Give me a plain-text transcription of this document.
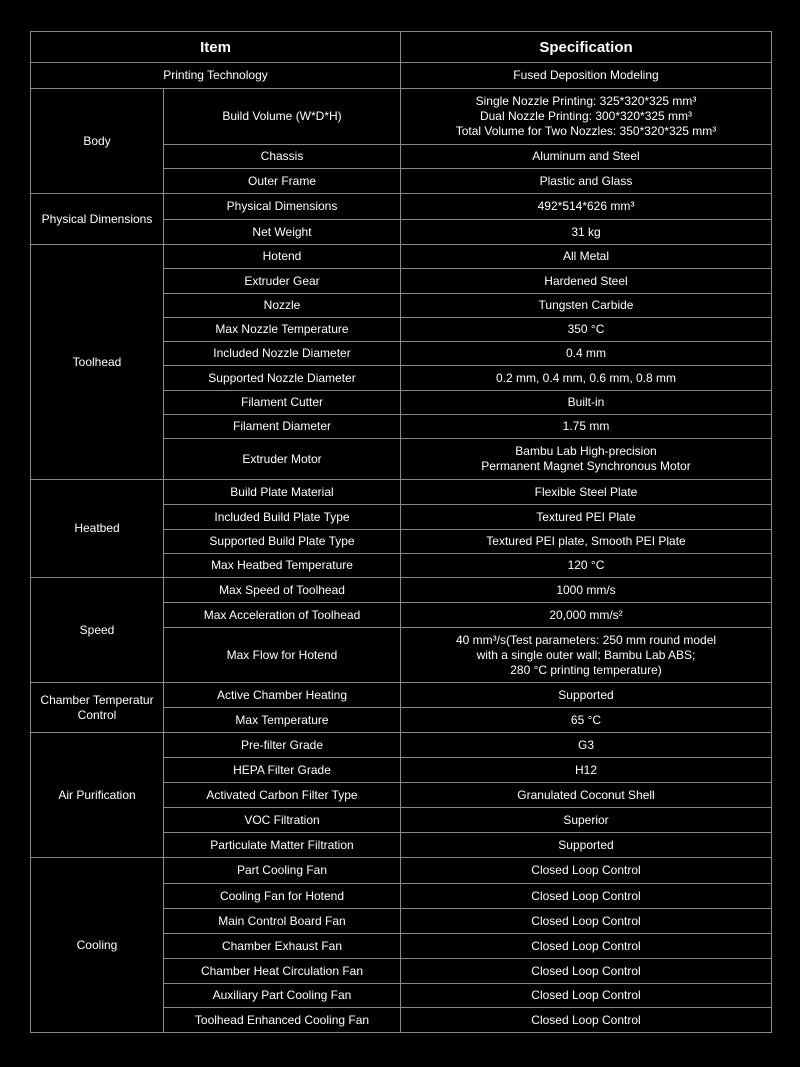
Item		Specification
Printing Technology		Fused Deposition Modeling
Body	Build Volume (W*D*H)	Single Nozzle Printing: 325*320*325 mm³
Dual Nozzle Printing: 300*320*325 mm³
Total Volume for Two Nozzles: 350*320*325 mm³
	Chassis	Aluminum and Steel
	Outer Frame	Plastic and Glass
Physical Dimensions	Physical Dimensions	492*514*626 mm³
	Net Weight	31 kg
Toolhead	Hotend	All Metal
	Extruder Gear	Hardened Steel
	Nozzle	Tungsten Carbide
	Max Nozzle Temperature	350 °C
	Included Nozzle Diameter	0.4 mm
	Supported Nozzle Diameter	0.2 mm, 0.4 mm, 0.6 mm, 0.8 mm
	Filament Cutter	Built-in
	Filament Diameter	1.75 mm
	Extruder Motor	Bambu Lab High-precision
Permanent Magnet Synchronous Motor
Heatbed	Build Plate Material	Flexible Steel Plate
	Included Build Plate Type	Textured PEI Plate
	Supported Build Plate Type	Textured PEI plate, Smooth PEI Plate
	Max Heatbed Temperature	120 °C
Speed	Max Speed of Toolhead	1000 mm/s
	Max Acceleration of Toolhead	20,000 mm/s²
	Max Flow for Hotend	40 mm³/s(Test parameters: 250 mm round model
with a single outer wall; Bambu Lab ABS;
280 °C printing temperature)
Chamber Temperatur
Control	Active Chamber Heating	Supported
	Max Temperature	65 °C
Air Purification	Pre-filter Grade	G3
	HEPA Filter Grade	H12
	Activated Carbon Filter Type	Granulated Coconut Shell
	VOC Filtration	Superior
	Particulate Matter Filtration	Supported
Cooling	Part Cooling Fan	Closed Loop Control
	Cooling Fan for Hotend	Closed Loop Control
	Main Control Board Fan	Closed Loop Control
	Chamber Exhaust Fan	Closed Loop Control
	Chamber Heat Circulation Fan	Closed Loop Control
	Auxiliary Part Cooling Fan	Closed Loop Control
	Toolhead Enhanced Cooling Fan	Closed Loop Control
